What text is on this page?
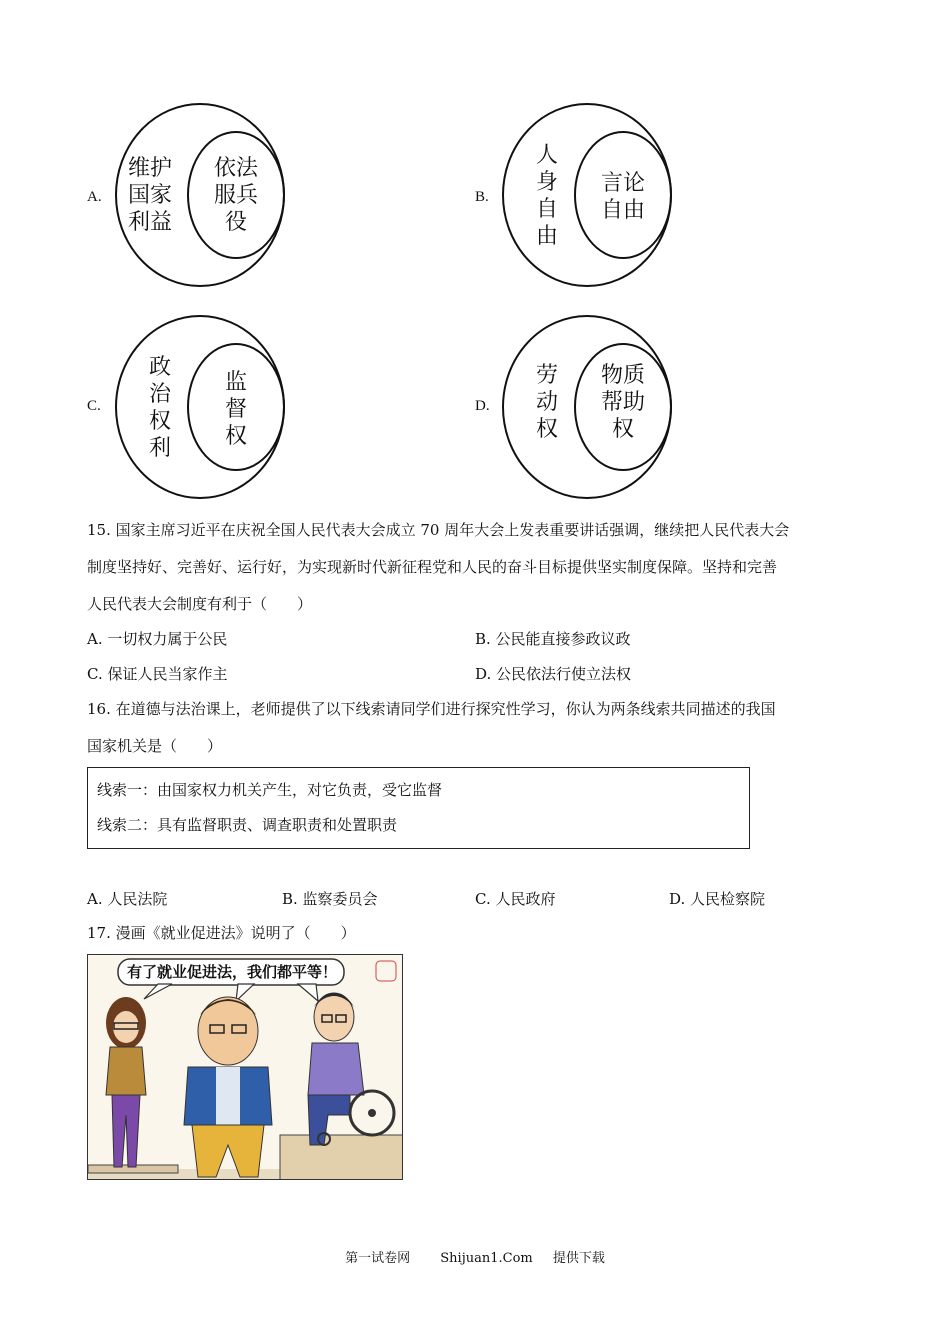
A.
维护
国家
利益
依法
服兵
役
B.
人
身
自
由
言论
自由
C.
政
治
权
利
监
督
权
D.
劳
动
权
物质
帮助
权
15. 国家主席习近平在庆祝全国人民代表大会成立 70 周年大会上发表重要讲话强调，继续把人民代表大会
制度坚持好、完善好、运行好，为实现新时代新征程党和人民的奋斗目标提供坚实制度保障。坚持和完善
人民代表大会制度有利于（　　）
A. 一切权力属于公民	B. 公民能直接参政议政
C. 保证人民当家作主	D. 公民依法行使立法权
16. 在道德与法治课上，老师提供了以下线索请同学们进行探究性学习，你认为两条线索共同描述的我国
国家机关是（　　）
线索一：由国家权力机关产生，对它负责，受它监督
线索二：具有监督职责、调查职责和处置职责
A. 人民法院	B. 监察委员会	C. 人民政府	D. 人民检察院
17. 漫画《就业促进法》说明了（　　）
有了就业促进法，我们都平等！
第一试卷网 Shijuan1.Com 提供下载
